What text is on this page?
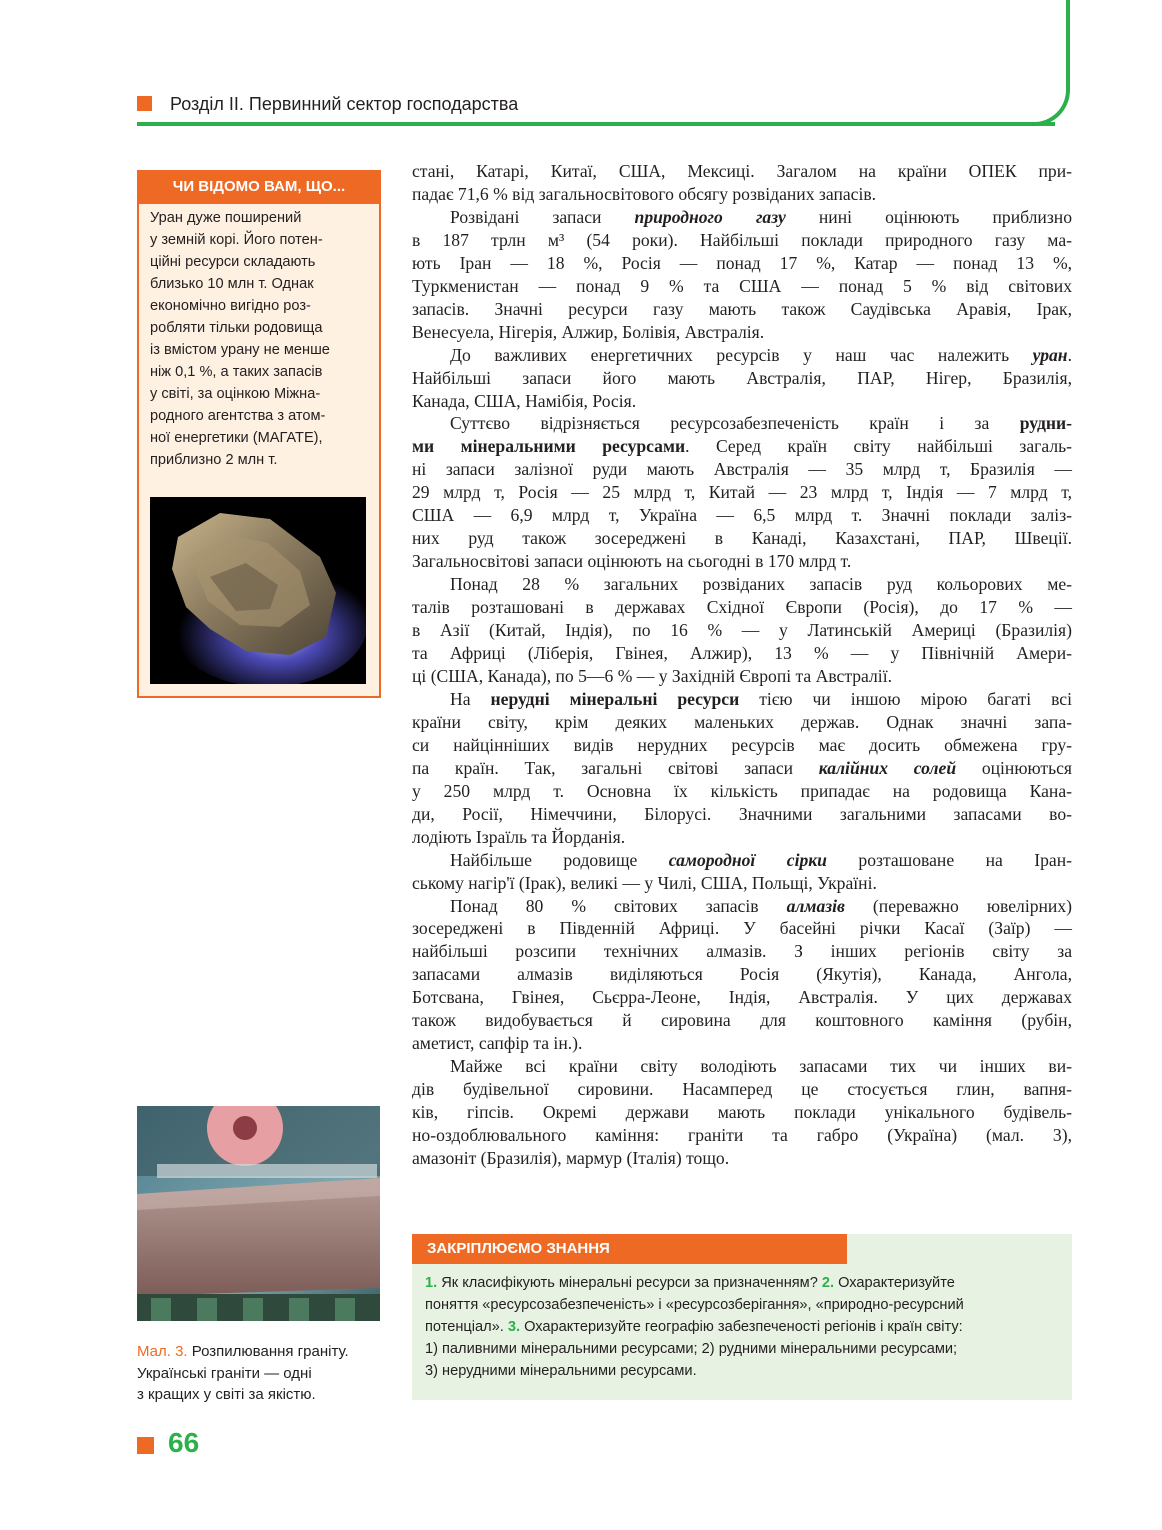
Розділ ІІ. Первинний сектор господарства
ЧИ ВІДОМО ВАМ, ЩО...
Уран дуже поширений
у земній корі. Його потен-
ційні ресурси складають
близько 10 млн т. Однак
економічно вигідно роз-
робляти тільки родовища
із вмістом урану не менше
ніж 0,1 %, а таких запасів
у світі, за оцінкою Міжна-
родного агентства з атом-
ної енергетики (МАГАТЕ),
приблизно 2 млн т.

стані, Катарі, Китаї, США, Мексиці. Загалом на країни ОПЕК при-
падає 71,6 % від загальносвітового обсягу розвіданих запасів.

Розвідані запаси природного газу нині оцінюють приблизно
в 187 трлн м³ (54 роки). Найбільші поклади природного газу ма-
ють Іран — 18 %, Росія — понад 17 %, Катар — понад 13 %,
Туркменистан — понад 9 % та США — понад 5 % від світових
запасів. Значні ресурси газу мають також Саудівська Аравія, Ірак,
Венесуела, Нігерія, Алжир, Болівія, Австралія.

До важливих енергетичних ресурсів у наш час належить уран.
Найбільші запаси його мають Австралія, ПАР, Нігер, Бразилія,
Канада, США, Намібія, Росія.

Суттєво відрізняється ресурсозабезпеченість країн і за рудни-
ми мінеральними ресурсами. Серед країн світу найбільші загаль-
ні запаси залізної руди мають Австралія — 35 млрд т, Бразилія —
29 млрд т, Росія — 25 млрд т, Китай — 23 млрд т, Індія — 7 млрд т,
США — 6,9 млрд т, Україна — 6,5 млрд т. Значні поклади заліз-
них руд також зосереджені в Канаді, Казахстані, ПАР, Швеції.
Загальносвітові запаси оцінюють на сьогодні в 170 млрд т.

Понад 28 % загальних розвіданих запасів руд кольорових ме-
талів розташовані в державах Східної Європи (Росія), до 17 % —
в Азії (Китай, Індія), по 16 % — у Латинській Америці (Бразилія)
та Африці (Ліберія, Гвінея, Алжир), 13 % — у Північній Амери-
ці (США, Канада), по 5—6 % — у Західній Європі та Австралії.

На нерудні мінеральні ресурси тією чи іншою мірою багаті всі
країни світу, крім деяких маленьких держав. Однак значні запа-
си найцінніших видів нерудних ресурсів має досить обмежена гру-
па країн. Так, загальні світові запаси калійних солей оцінюються
у 250 млрд т. Основна їх кількість припадає на родовища Кана-
ди, Росії, Німеччини, Білорусі. Значними загальними запасами во-
лодіють Ізраїль та Йорданія.

Найбільше родовище самородної сірки розташоване на Іран-
ському нагір'ї (Ірак), великі — у Чилі, США, Польщі, Україні.

Понад 80 % світових запасів алмазів (переважно ювелірних)
зосереджені в Південній Африці. У басейні річки Касаї (Заїр) —
найбільші розсипи технічних алмазів. З інших регіонів світу за
запасами алмазів виділяються Росія (Якутія), Канада, Ангола,
Ботсвана, Гвінея, Сьєрра-Леоне, Індія, Австралія. У цих державах
також видобувається й сировина для коштовного каміння (рубін,
аметист, сапфір та ін.).

Майже всі країни світу володіють запасами тих чи інших ви-
дів будівельної сировини. Насамперед це стосується глин, вапня-
ків, гіпсів. Окремі держави мають поклади унікального будівель-
но-оздоблювального каміння: граніти та габро (Україна) (мал. 3),
амазоніт (Бразилія), мармур (Італія) тощо.

Мал. 3. Розпилювання граніту.
Українські граніти — одні
з кращих у світі за якістю.
ЗАКРІПЛЮЄМО ЗНАННЯ
1. Як класифікують мінеральні ресурси за призначенням? 2. Охарактеризуйте
поняття «ресурсозабезпеченість» і «ресурсозберігання», «природно-ресурсний
потенціал». 3. Охарактеризуйте географію забезпеченості регіонів і країн світу:
1) паливними мінеральними ресурсами; 2) рудними мінеральними ресурсами;
3) нерудними мінеральними ресурсами.
66
